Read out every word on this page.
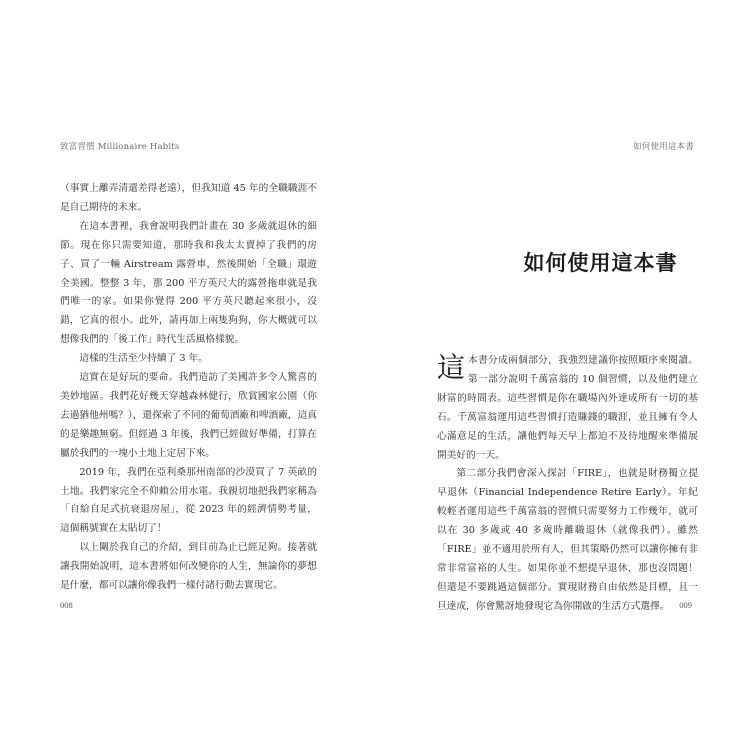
致富習慣 Millionaire Habits

（事實上離弄清還差得老遠），但我知道 45 年的全職職涯不是自己期待的未來。

在這本書裡，我會說明我們計畫在 30 多歲就退休的細節。現在你只需要知道，那時我和我太太賣掉了我們的房子、買了一輛 Airstream 露營車，然後開始「全職」環遊全美國。整整 3 年，那 200 平方英尺大的露營拖車就是我們唯一的家。如果你覺得 200 平方英尺聽起來很小，沒錯，它真的很小。此外，請再加上兩隻狗狗，你大概就可以想像我們的「後工作」時代生活風格樣貌。

這樣的生活至少持續了 3 年。

這實在是好玩的要命。我們造訪了美國許多令人驚喜的美妙地區。我們花好幾天穿越森林健行，欣賞國家公園（你去過猶他州嗎？），還探索了不同的葡萄酒廠和啤酒廠，這真的是樂趣無窮。但經過 3 年後，我們已經做好準備，打算在屬於我們的一塊小土地上定居下來。

2019 年，我們在亞利桑那州南部的沙漠買了 7 英畝的土地。我們家完全不仰賴公用水電。我親切地把我們家稱為「自給自足式抗衰退房屋」，從 2023 年的經濟情勢考量，這個稱號實在太貼切了！

以上關於我自己的介紹，到目前為止已經足夠。接著就讓我開始說明，這本書將如何改變你的人生，無論你的夢想是什麼，都可以讓你像我們一樣付諸行動去實現它。

008
如何使用這本書
如何使用這本書

這本書分成兩個部分，我強烈建議你按照順序來閱讀。第一部分說明千萬富翁的 10 個習慣，以及他們建立財富的時間表。這些習慣是你在職場內外達成所有一切的基石。千萬富翁運用這些習慣打造賺錢的職涯，並且擁有令人心滿意足的生活，讓他們每天早上都迫不及待地醒來準備展開美好的一天。

第二部分我們會深入探討「FIRE」，也就是財務獨立提早退休（Financial Independence Retire Early）。年紀較輕者運用這些千萬富翁的習慣只需要努力工作幾年，就可以在 30 多歲或 40 多歲時離職退休（就像我們）。雖然「FIRE」並不適用於所有人，但其策略仍然可以讓你擁有非常非常富裕的人生。如果你並不想提早退休，那也沒問題！但還是不要跳過這個部分。實現財務自由依然是目標，且一旦達成，你會驚訝地發現它為你開啟的生活方式選擇。	009
